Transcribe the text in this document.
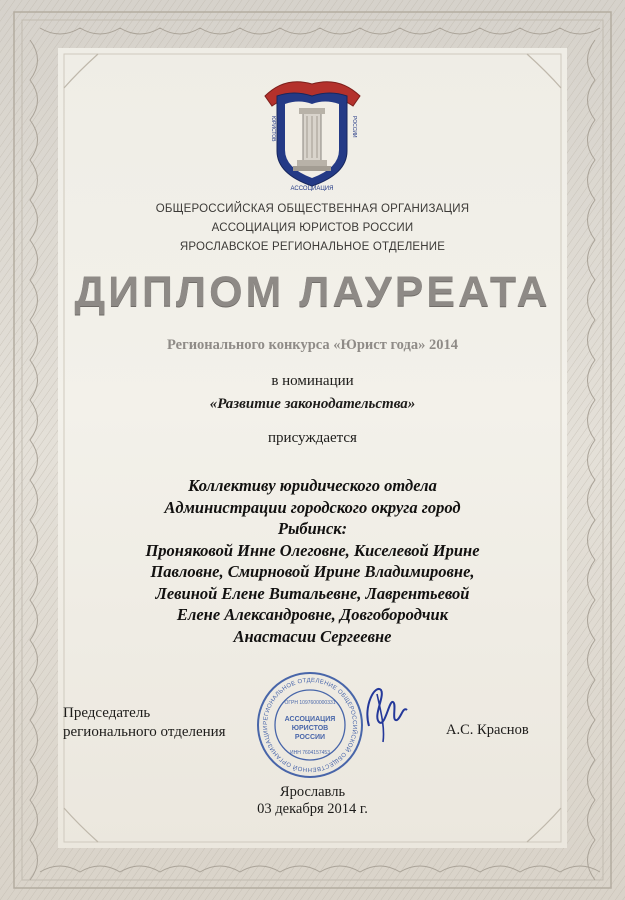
ЮРИСТОВ	РОССИИ
АССОЦИАЦИЯ
ОБЩЕРОССИЙСКАЯ ОБЩЕСТВЕННАЯ ОРГАНИЗАЦИЯ
АССОЦИАЦИЯ ЮРИСТОВ РОССИИ
ЯРОСЛАВСКОЕ РЕГИОНАЛЬНОЕ ОТДЕЛЕНИЕ
ДИПЛОМ ЛАУРЕАТА
Регионального конкурса «Юрист года» 2014
в номинации
«Развитие законодательства»
присуждается
Коллективу юридического отдела
Администрации городского округа город
Рыбинск:
Проняковой Инне Олеговне, Киселевой Ирине
Павловне, Смирновой Ирине Владимировне,
Левиной Елене Витальевне, Лаврентьевой
Елене Александровне, Довгобородчик
Анастасии Сергеевне
Председатель
регионального отделения	А.С. Краснов
РЕГИОНАЛЬНОЕ ОТДЕЛЕНИЕ ОБЩЕРОССИЙСКОЙ ОБЩЕСТВЕННОЙ ОРГАНИЗАЦИИ
ОГРН 1097600000331
АССОЦИАЦИЯ
ЮРИСТОВ
РОССИИ
ИНН 7604157453
Ярославль
03 декабря 2014 г.
